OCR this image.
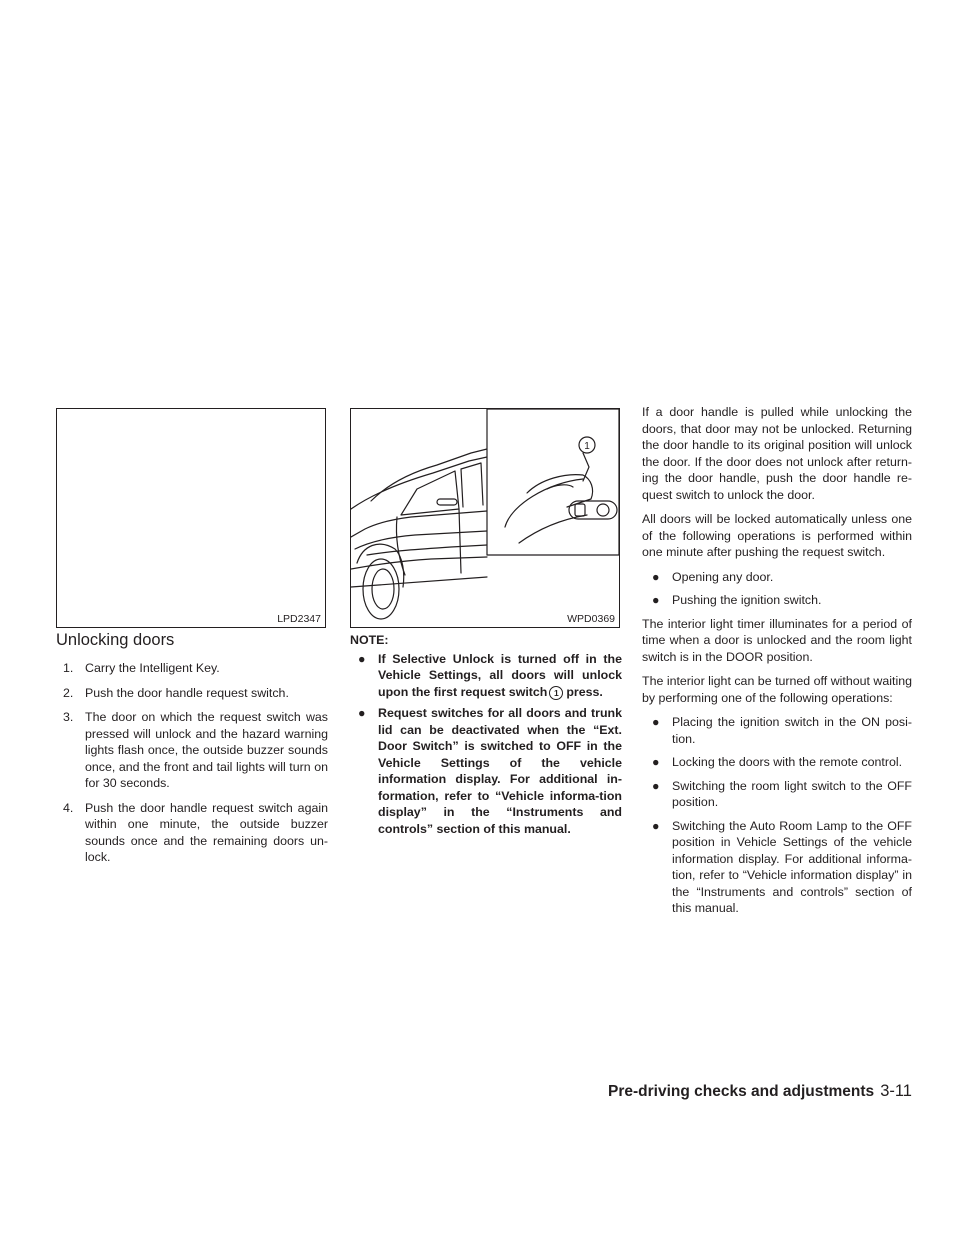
LPD2347
Unlocking doors
1. Carry the Intelligent Key.
2. Push the door handle request switch.
3. The door on which the request switch was pressed will unlock and the hazard warning lights flash once, the outside buzzer sounds once, and the front and tail lights will turn on for 30 seconds.
4. Push the door handle request switch again within one minute, the outside buzzer sounds once and the remaining doors un-lock.
1
WPD0369
NOTE:
● If Selective Unlock is turned off in the Vehicle Settings, all doors will unlock upon the first request switch 1 press.
● Request switches for all doors and trunk lid can be deactivated when the “Ext. Door Switch” is switched to OFF in the Vehicle Settings of the vehicle information display. For additional in-formation, refer to “Vehicle informa-tion display” in the “Instruments and controls” section of this manual.

If a door handle is pulled while unlocking the doors, that door may not be unlocked. Returning the door handle to its original position will unlock the door. If the door does not unlock after return-ing the door handle, push the door handle re-quest switch to unlock the door.

All doors will be locked automatically unless one of the following operations is performed within one minute after pushing the request switch.

● Opening any door.
● Pushing the ignition switch.

The interior light timer illuminates for a period of time when a door is unlocked and the room light switch is in the DOOR position.

The interior light can be turned off without waiting by performing one of the following operations:

● Placing the ignition switch in the ON posi-tion.
● Locking the doors with the remote control.
● Switching the room light switch to the OFF position.
● Switching the Auto Room Lamp to the OFF position in Vehicle Settings of the vehicle information display. For additional informa-tion, refer to “Vehicle information display” in the “Instruments and controls” section of this manual.
Pre-driving checks and adjustments 3-11
